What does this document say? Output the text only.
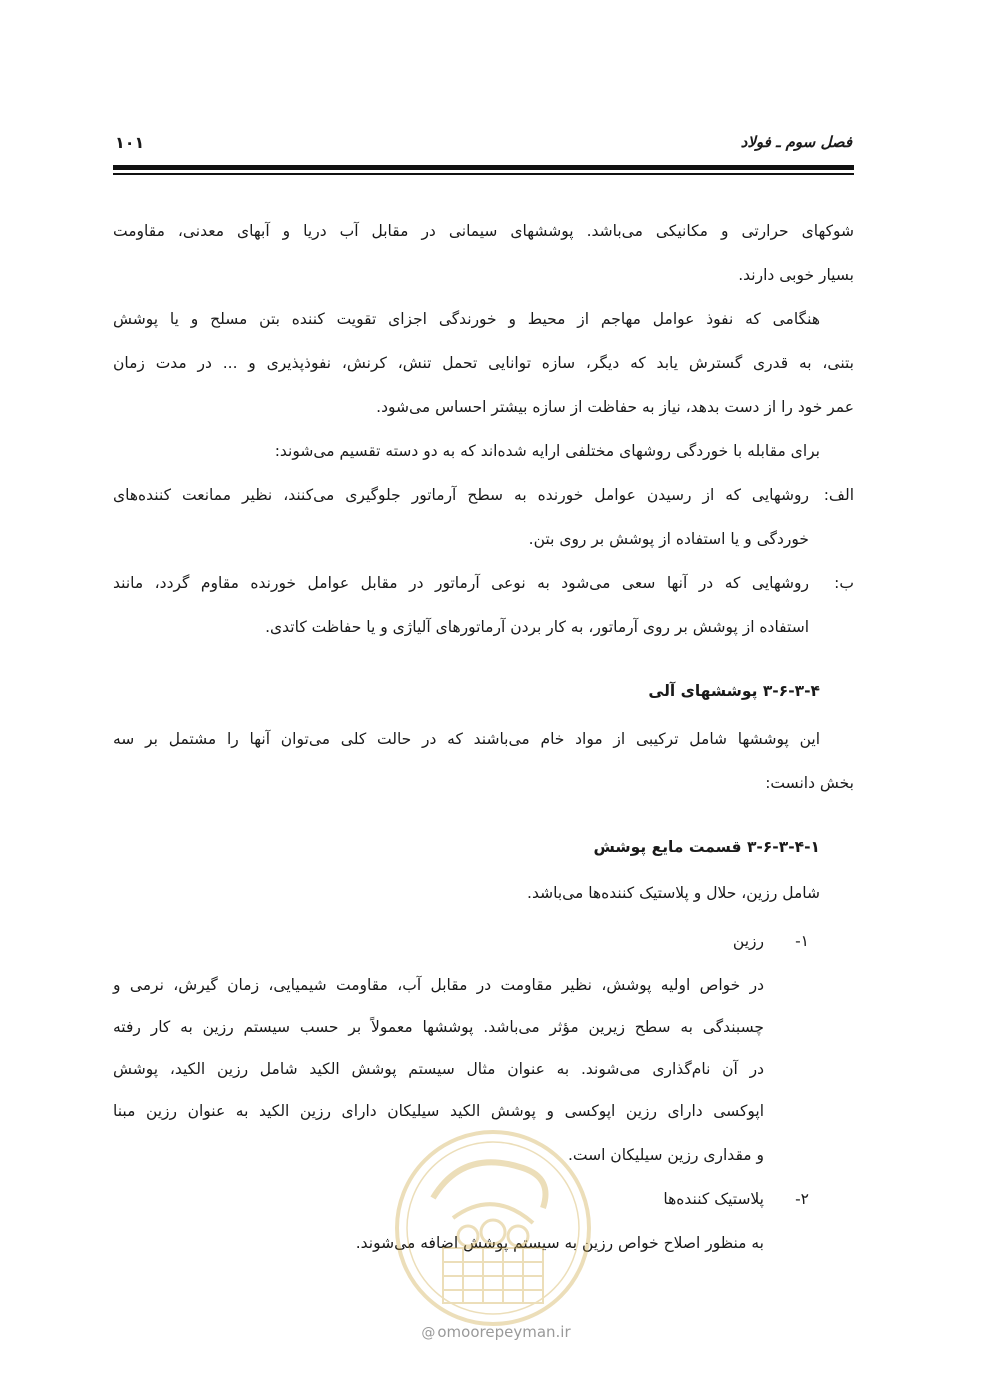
فصل سوم ـ فولاد
۱۰۱
شوکهای حرارتی و مکانیکی می‌باشد. پوششهای سیمانی در مقابل آب دریا و آبهای معدنی، مقاومت
بسیار خوبی دارند.
هنگامی که نفوذ عوامل مهاجم از محیط و خورندگی اجزای تقویت کننده بتن مسلح و یا پوشش
بتنی، به قدری گسترش یابد که دیگر، سازه توانایی تحمل تنش، کرنش، نفوذپذیری و ... در مدت زمان
عمر خود را از دست بدهد، نیاز به حفاظت از سازه بیشتر احساس می‌شود.
برای مقابله با خوردگی روشهای مختلفی ارایه شده‌اند که به دو دسته تقسیم می‌شوند:
الف:
روشهایی که از رسیدن عوامل خورنده به سطح آرماتور جلوگیری می‌کنند، نظیر ممانعت کننده‌های
خوردگی و یا استفاده از پوشش بر روی بتن.
ب:
روشهایی که در آنها سعی می‌شود به نوعی آرماتور در مقابل عوامل خورنده مقاوم گردد، مانند
استفاده از پوشش بر روی آرماتور، به کار بردن آرماتورهای آلیاژی و یا حفاظت کاتدی.
۳-۶-۳-۴ پوششهای آلی
این پوششها شامل ترکیبی از مواد خام می‌باشند که در حالت کلی می‌توان آنها را مشتمل بر سه
بخش دانست:
۳-۶-۳-۴-۱ قسمت مایع پوشش
شامل رزین، حلال و پلاستیک کننده‌ها می‌باشد.
۱-
رزین
در خواص اولیه پوشش، نظیر مقاومت در مقابل آب، مقاومت شیمیایی، زمان گیرش، نرمی و
چسبندگی به سطح زیرین مؤثر می‌باشد. پوششها معمولاً بر حسب سیستم رزین به کار رفته
در آن نام‌گذاری می‌شوند. به عنوان مثال سیستم پوشش الکید شامل رزین الکید، پوشش
اپوکسی دارای رزین اپوکسی و پوشش الکید سیلیکان دارای رزین الکید به عنوان رزین مبنا
و مقداری رزین سیلیکان است.
۲-
پلاستیک کننده‌ها
به منظور اصلاح خواص رزین به سیستم پوشش اضافه می‌شوند.
@ omoorepeyman.ir
